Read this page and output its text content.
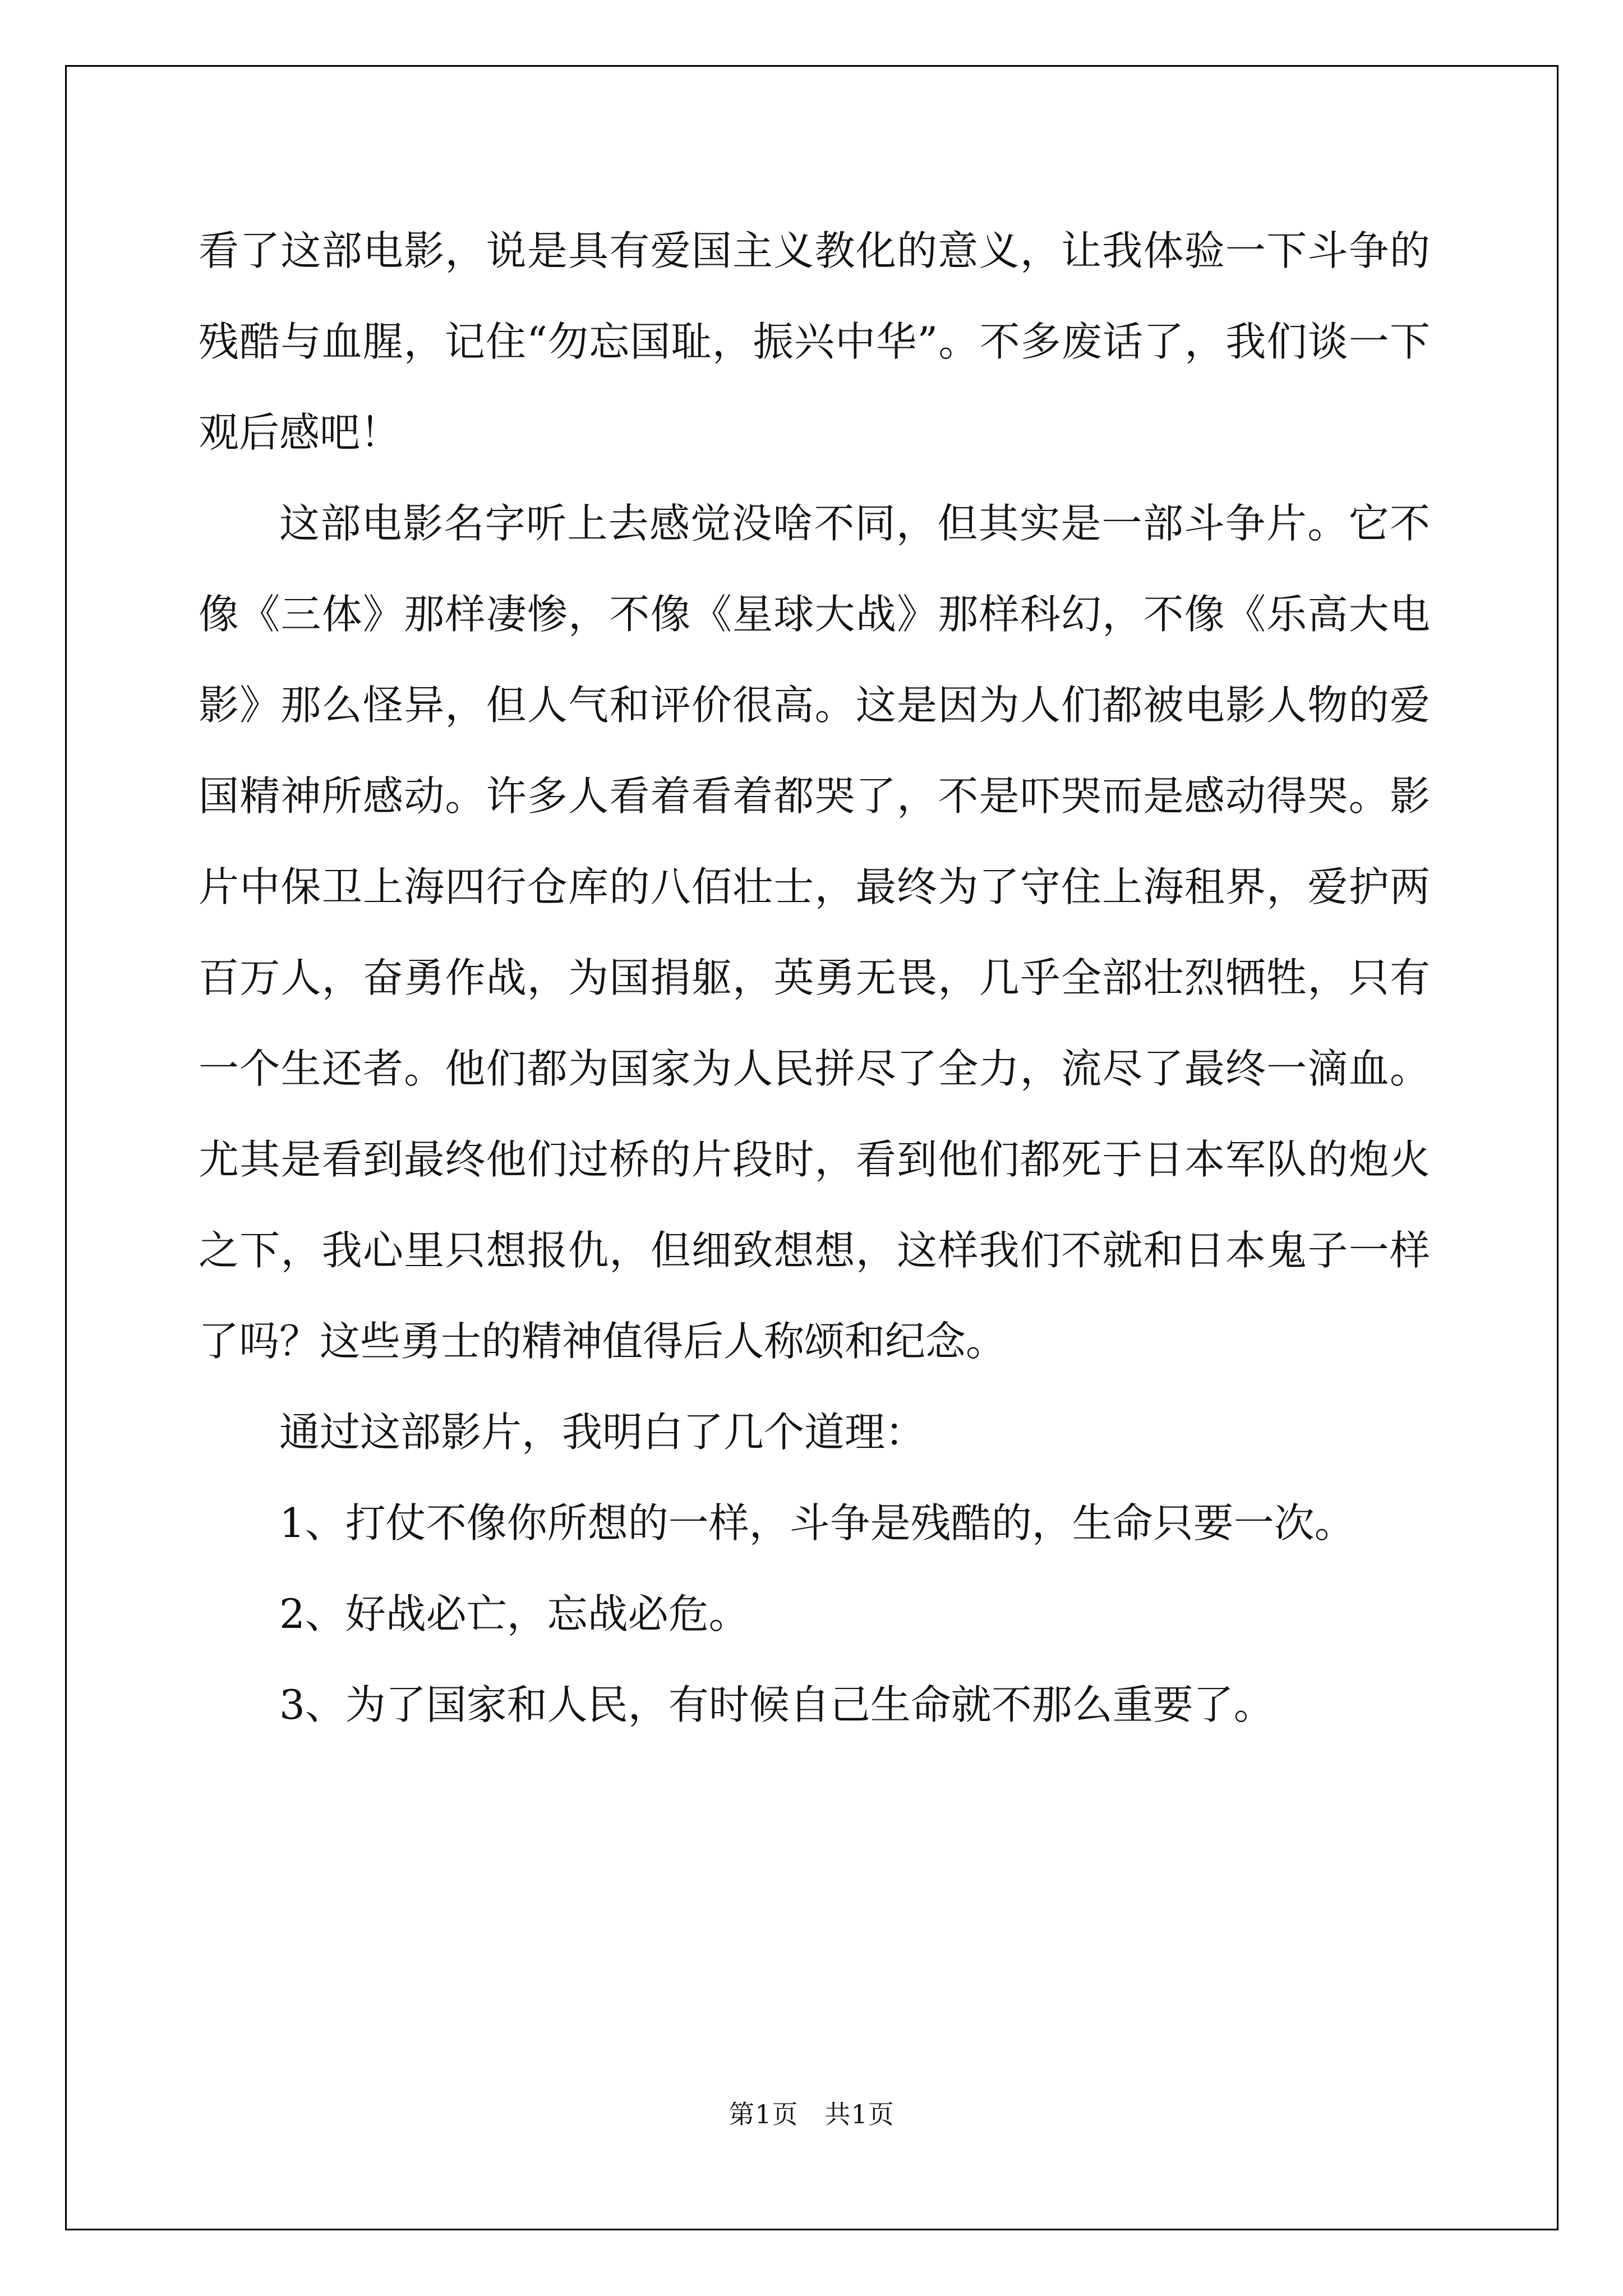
看了这部电影，说是具有爱国主义教化的意义，让我体验一下斗争的残酷与血腥，记住“勿忘国耻，振兴中华”。不多废话了，我们谈一下观后感吧！

这部电影名字听上去感觉没啥不同，但其实是一部斗争片。它不像《三体》那样凄惨，不像《星球大战》那样科幻，不像《乐高大电影》那么怪异，但人气和评价很高。这是因为人们都被电影人物的爱国精神所感动。许多人看着看着都哭了，不是吓哭而是感动得哭。影片中保卫上海四行仓库的八佰壮士，最终为了守住上海租界，爱护两百万人，奋勇作战，为国捐躯，英勇无畏，几乎全部壮烈牺牲，只有一个生还者。他们都为国家为人民拼尽了全力，流尽了最终一滴血。尤其是看到最终他们过桥的片段时，看到他们都死于日本军队的炮火之下，我心里只想报仇，但细致想想，这样我们不就和日本鬼子一样了吗？这些勇士的精神值得后人称颂和纪念。

通过这部影片，我明白了几个道理：

1、打仗不像你所想的一样，斗争是残酷的，生命只要一次。

2、好战必亡，忘战必危。

3、为了国家和人民，有时候自己生命就不那么重要了。

第1页　共1页
